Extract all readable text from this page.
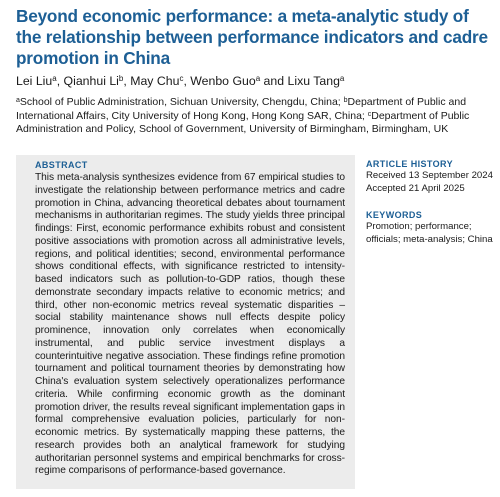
Beyond economic performance: a meta-analytic study of the relationship between performance indicators and cadre promotion in China
Lei Liu$^a$, Qianhui Li$^b$, May Chu$^c$, Wenbo Guo$^a$ and Lixu Tang$^a$
$^a$School of Public Administration, Sichuan University, Chengdu, China; $^b$Department of Public and International Affairs, City University of Hong Kong, Hong Kong SAR, China; $^c$Department of Public Administration and Policy, School of Government, University of Birmingham, Birmingham, UK
ABSTRACT
This meta-analysis synthesizes evidence from 67 empirical studies to investigate the relationship between performance metrics and cadre promotion in China, advancing theoretical debates about tournament mechanisms in authoritarian regimes. The study yields three principal findings: First, economic performance exhibits robust and consistent positive associations with promotion across all administrative levels, regions, and political identities; second, environmental performance shows conditional effects, with significance restricted to intensity-based indicators such as pollution-to-GDP ratios, though these demonstrate secondary impacts relative to economic metrics; and third, other non-economic metrics reveal systematic disparities – social stability maintenance shows null effects despite policy prominence, innovation only correlates when economically instrumental, and public service investment displays a counterintuitive negative association. These findings refine promotion tournament and political tournament theories by demonstrating how China's evaluation system selectively operationalizes performance criteria. While confirming economic growth as the dominant promotion driver, the results reveal significant implementation gaps in formal comprehensive evaluation policies, particularly for non-economic metrics. By systematically mapping these patterns, the research provides both an analytical framework for studying authoritarian personnel systems and empirical benchmarks for cross-regime comparisons of performance-based governance.
ARTICLE HISTORY
Received 13 September 2024
Accepted 21 April 2025
KEYWORDS
Promotion; performance; officials; meta-analysis; China
